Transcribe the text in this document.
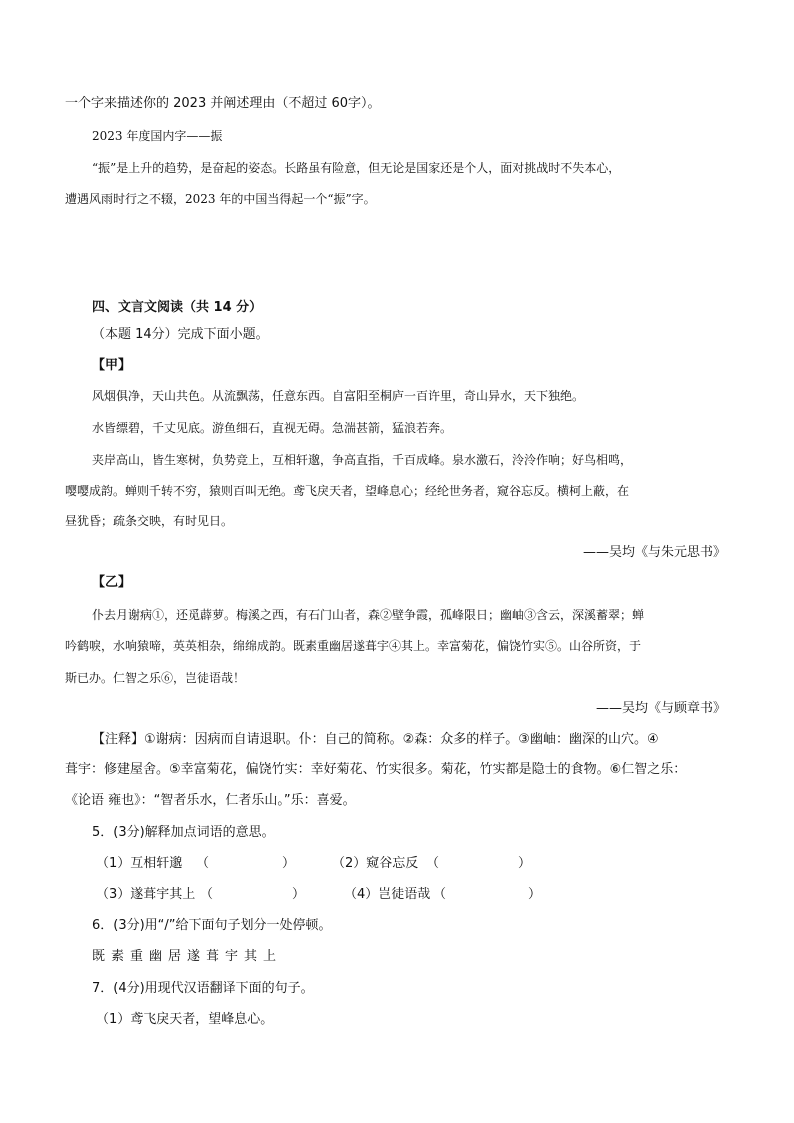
一个字来描述你的 2023 并阐述理由（不超过 60字）。
2023 年度国内字——振
“振”是上升的趋势，是奋起的姿态。长路虽有险意，但无论是国家还是个人，面对挑战时不失本心，
遭遇风雨时行之不辍，2023 年的中国当得起一个“振”字。
四、文言文阅读（共 14 分）
（本题 14分）完成下面小题。
【甲】
风烟俱净，天山共色。从流飘荡，任意东西。自富阳至桐庐一百许里，奇山异水，天下独绝。
水皆缥碧，千丈见底。游鱼细石，直视无碍。急湍甚箭，猛浪若奔。
夹岸高山，皆生寒树，负势竞上，互相轩邈，争高直指，千百成峰。泉水激石，泠泠作响；好鸟相鸣，
嘤嘤成韵。蝉则千转不穷，猿则百叫无绝。鸢飞戾天者，望峰息心；经纶世务者，窥谷忘反。横柯上蔽，在
昼犹昏；疏条交映，有时见日。
——吴均《与朱元思书》
【乙】
仆去月谢病①，还觅薜萝。梅溪之西，有石门山者，森②壁争霞，孤峰限日；幽岫③含云，深溪蓄翠；蝉
吟鹤唳，水响猿啼，英英相杂，绵绵成韵。既素重幽居遂葺宇④其上。幸富菊花，偏饶竹实⑤。山谷所资，于
斯已办。仁智之乐⑥，岂徒语哉！
——吴均《与顾章书》
【注释】①谢病：因病而自请退职。仆：自己的简称。②森：众多的样子。③幽岫：幽深的山穴。④
葺宇：修建屋舍。⑤幸富菊花，偏饶竹实：幸好菊花、竹实很多。菊花，竹实都是隐士的食物。⑥仁智之乐：
《论语 雍也》：“智者乐水，仁者乐山。”乐：喜爱。
5．(3分)解释加点词语的意思。
（1）互相轩邈 （	）	（2）窥谷忘反 （	）
（3）遂葺宇其上 （	）	（4）岂徒语哉 （	）
6．(3分)用“/”给下面句子划分一处停顿。
既素重幽居遂葺宇其上
7．(4分)用现代汉语翻译下面的句子。
（1）鸢飞戾天者，望峰息心。
